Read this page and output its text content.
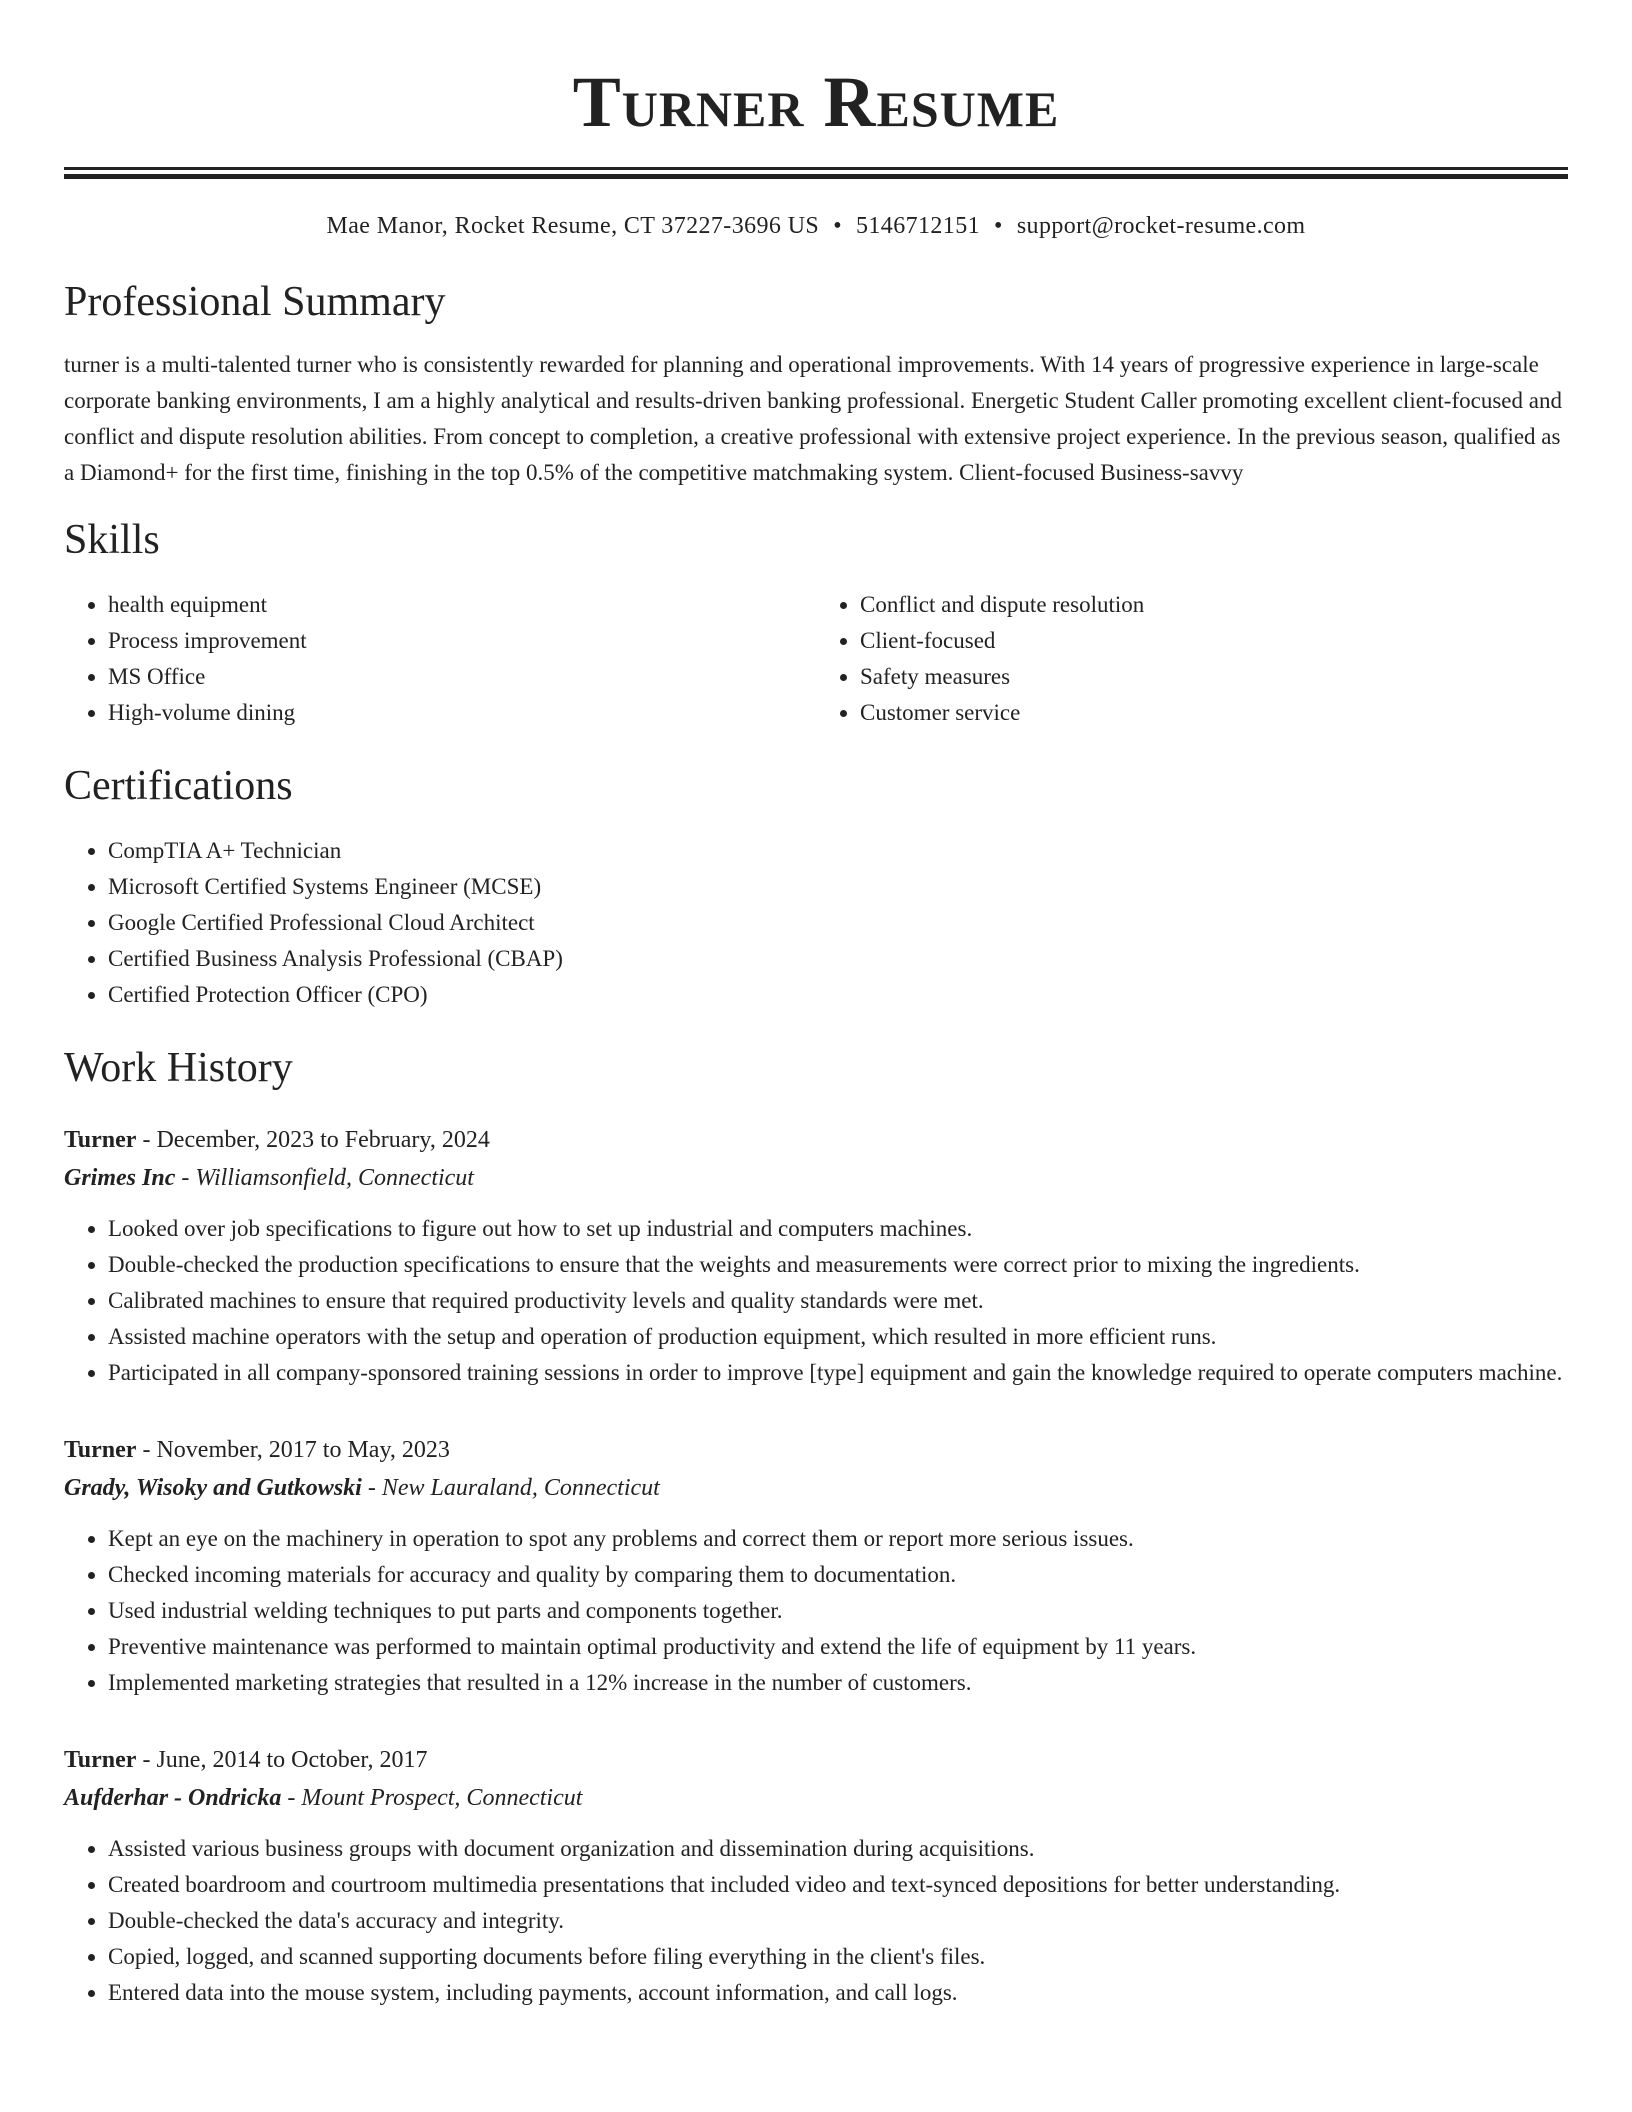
Turner Resume
Mae Manor, Rocket Resume, CT 37227-3696 US • 5146712151 • support@rocket-resume.com
Professional Summary

turner is a multi-talented turner who is consistently rewarded for planning and operational improvements. With 14 years of progressive experience in large-scale corporate banking environments, I am a highly analytical and results-driven banking professional. Energetic Student Caller promoting excellent client-focused and conflict and dispute resolution abilities. From concept to completion, a creative professional with extensive project experience. In the previous season, qualified as a Diamond+ for the first time, finishing in the top 0.5% of the competitive matchmaking system. Client-focused Business-savvy

Skills
• health equipment
• Process improvement
• MS Office
• High-volume dining
• Conflict and dispute resolution
• Client-focused
• Safety measures
• Customer service
Certifications
• CompTIA A+ Technician
• Microsoft Certified Systems Engineer (MCSE)
• Google Certified Professional Cloud Architect
• Certified Business Analysis Professional (CBAP)
• Certified Protection Officer (CPO)
Work History
Turner - December, 2023 to February, 2024
Grimes Inc - Williamsonfield, Connecticut
• Looked over job specifications to figure out how to set up industrial and computers machines.
• Double-checked the production specifications to ensure that the weights and measurements were correct prior to mixing the ingredients.
• Calibrated machines to ensure that required productivity levels and quality standards were met.
• Assisted machine operators with the setup and operation of production equipment, which resulted in more efficient runs.
• Participated in all company-sponsored training sessions in order to improve [type] equipment and gain the knowledge required to operate computers machine.
Turner - November, 2017 to May, 2023
Grady, Wisoky and Gutkowski - New Lauraland, Connecticut
• Kept an eye on the machinery in operation to spot any problems and correct them or report more serious issues.
• Checked incoming materials for accuracy and quality by comparing them to documentation.
• Used industrial welding techniques to put parts and components together.
• Preventive maintenance was performed to maintain optimal productivity and extend the life of equipment by 11 years.
• Implemented marketing strategies that resulted in a 12% increase in the number of customers.
Turner - June, 2014 to October, 2017
Aufderhar - Ondricka - Mount Prospect, Connecticut
• Assisted various business groups with document organization and dissemination during acquisitions.
• Created boardroom and courtroom multimedia presentations that included video and text-synced depositions for better understanding.
• Double-checked the data's accuracy and integrity.
• Copied, logged, and scanned supporting documents before filing everything in the client's files.
• Entered data into the mouse system, including payments, account information, and call logs.
